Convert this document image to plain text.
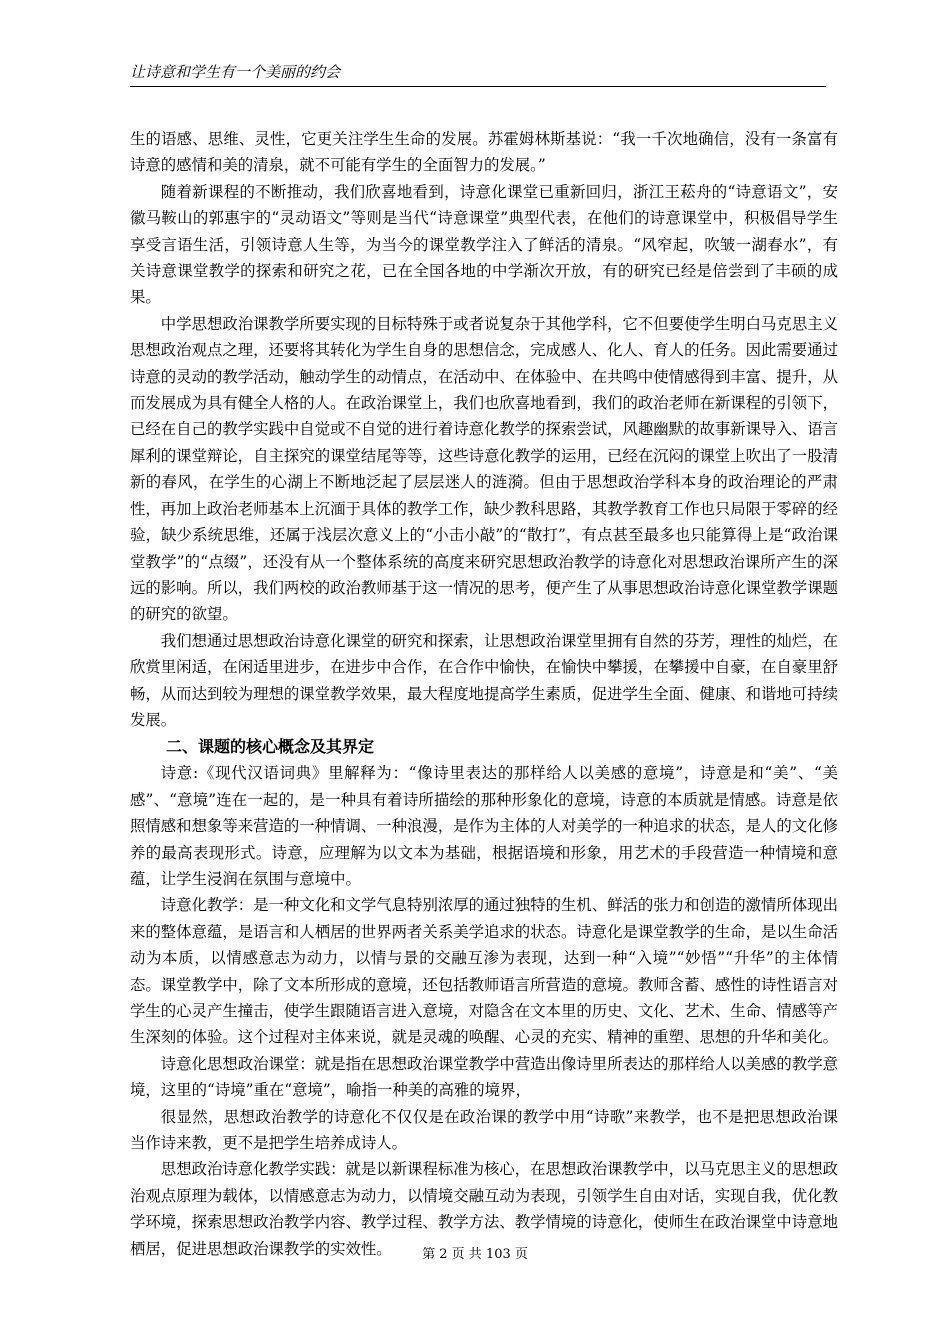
让诗意和学生有一个美丽的约会

生的语感、思维、灵性，它更关注学生生命的发展。苏霍姆林斯基说：“我一千次地确信，没有一条富有诗意的感情和美的清泉，就不可能有学生的全面智力的发展。”

随着新课程的不断推动，我们欣喜地看到，诗意化课堂已重新回归，浙江王菘舟的“诗意语文”，安徽马鞍山的郭惠宇的“灵动语文”等则是当代“诗意课堂”典型代表，在他们的诗意课堂中，积极倡导学生享受言语生活，引领诗意人生等，为当今的课堂教学注入了鲜活的清泉。“风窄起，吹皱一湖春水”，有关诗意课堂教学的探索和研究之花，已在全国各地的中学渐次开放，有的研究已经是倍尝到了丰硕的成果。

中学思想政治课教学所要实现的目标特殊于或者说复杂于其他学科，它不但要使学生明白马克思主义思想政治观点之理，还要将其转化为学生自身的思想信念，完成感人、化人、育人的任务。因此需要通过诗意的灵动的教学活动，触动学生的动情点，在活动中、在体验中、在共鸣中使情感得到丰富、提升，从而发展成为具有健全人格的人。在政治课堂上，我们也欣喜地看到，我们的政治老师在新课程的引领下，已经在自己的教学实践中自觉或不自觉的进行着诗意化教学的探索尝试，风趣幽默的故事新课导入、语言犀利的课堂辩论，自主探究的课堂结尾等等，这些诗意化教学的运用，已经在沉闷的课堂上吹出了一股清新的春风，在学生的心湖上不断地泛起了层层迷人的涟漪。但由于思想政治学科本身的政治理论的严肃性，再加上政治老师基本上沉湎于具体的教学工作，缺少教科思路，其教学教育工作也只局限于零碎的经验，缺少系统思维，还属于浅层次意义上的“小击小敲”的“散打”，有点甚至最多也只能算得上是“政治课堂教学”的“点缀”，还没有从一个整体系统的高度来研究思想政治教学的诗意化对思想政治课所产生的深远的影响。所以，我们两校的政治教师基于这一情况的思考，便产生了从事思想政治诗意化课堂教学课题的研究的欲望。

我们想通过思想政治诗意化课堂的研究和探索，让思想政治课堂里拥有自然的芬芳，理性的灿烂，在欣赏里闲适，在闲适里进步，在进步中合作，在合作中愉快，在愉快中攀援，在攀援中自豪，在自豪里舒畅，从而达到较为理想的课堂教学效果，最大程度地提高学生素质，促进学生全面、健康、和谐地可持续发展。

二、课题的核心概念及其界定

诗意:《现代汉语词典》里解释为：“像诗里表达的那样给人以美感的意境”，诗意是和“美”、“美感”、“意境”连在一起的，是一种具有着诗所描绘的那种形象化的意境，诗意的本质就是情感。诗意是依照情感和想象等来营造的一种情调、一种浪漫，是作为主体的人对美学的一种追求的状态，是人的文化修养的最高表现形式。诗意，应理解为以文本为基础，根据语境和形象，用艺术的手段营造一种情境和意蕴，让学生浸润在氛围与意境中。

诗意化教学：是一种文化和文学气息特别浓厚的通过独特的生机、鲜活的张力和创造的激情所体现出来的整体意蕴，是语言和人栖居的世界两者关系美学追求的状态。诗意化是课堂教学的生命，是以生命活动为本质，以情感意志为动力，以情与景的交融互渗为表现，达到一种“入境”“妙悟”“升华”的主体情态。课堂教学中，除了文本所形成的意境，还包括教师语言所营造的意境。教师含蓄、感性的诗性语言对学生的心灵产生撞击，使学生跟随语言进入意境，对隐含在文本里的历史、文化、艺术、生命、情感等产生深刻的体验。这个过程对主体来说，就是灵魂的唤醒、心灵的充实、精神的重塑、思想的升华和美化。

诗意化思想政治课堂：就是指在思想政治课堂教学中营造出像诗里所表达的那样给人以美感的教学意境，这里的“诗境”重在“意境”，喻指一种美的高雅的境界，

很显然，思想政治教学的诗意化不仅仅是在政治课的教学中用“诗歌”来教学，也不是把思想政治课当作诗来教，更不是把学生培养成诗人。

思想政治诗意化教学实践：就是以新课程标准为核心，在思想政治课教学中，以马克思主义的思想政治观点原理为载体，以情感意志为动力，以情境交融互动为表现，引领学生自由对话，实现自我，优化教学环境，探索思想政治教学内容、教学过程、教学方法、教学情境的诗意化，使师生在政治课堂中诗意地栖居，促进思想政治课教学的实效性。	第 2 页 共 103 页
